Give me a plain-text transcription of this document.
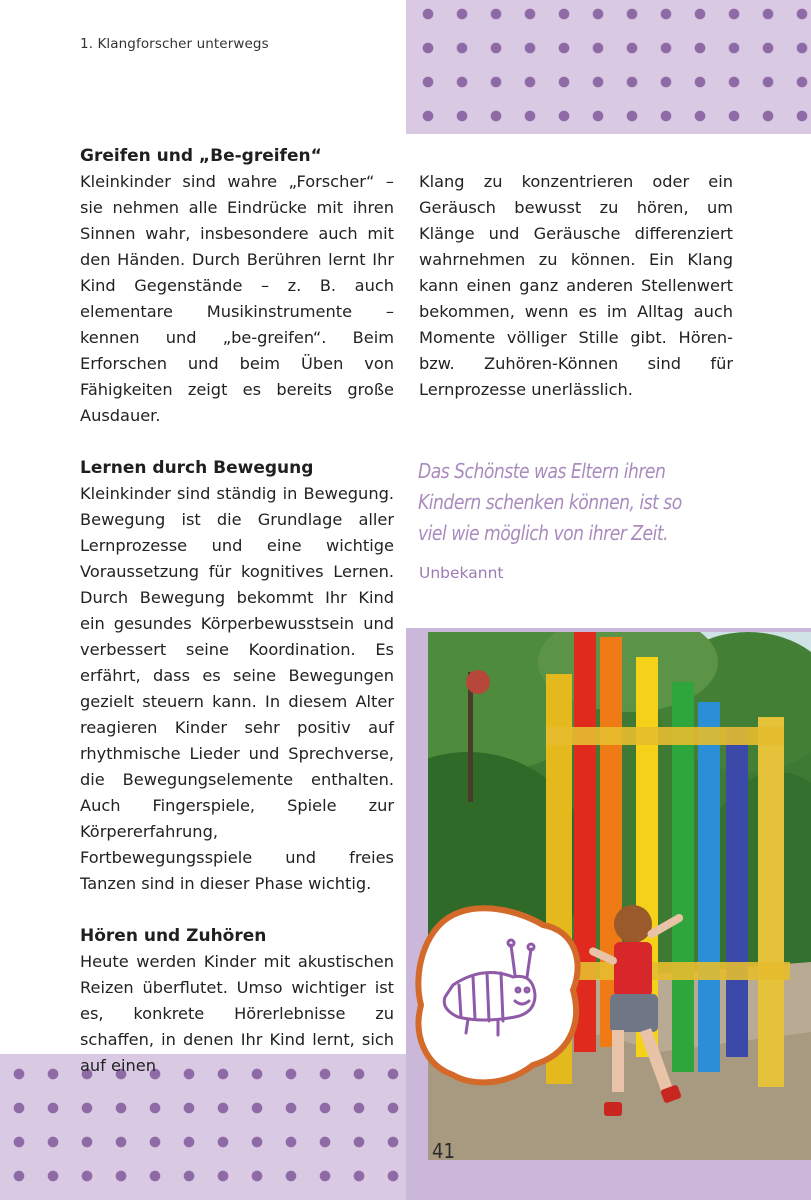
1. Klangforscher unterwegs
Greifen und „Be-greifen“

Kleinkinder sind wahre „Forscher“ – sie nehmen alle Eindrücke mit ihren Sinnen wahr, insbesondere auch mit den Händen. Durch Berühren lernt Ihr Kind Gegenstände – z. B. auch elementare Musikinstrumente – kennen und „be-greifen“. Beim Erforschen und beim Üben von Fähigkeiten zeigt es bereits große Ausdauer.

Lernen durch Bewegung

Kleinkinder sind ständig in Bewegung. Bewegung ist die Grundlage aller Lernprozesse und eine wichtige Voraussetzung für kognitives Lernen. Durch Bewegung bekommt Ihr Kind ein gesundes Körperbewusstsein und verbessert seine Koordination. Es erfährt, dass es seine Bewegungen gezielt steuern kann. In diesem Alter reagieren Kinder sehr positiv auf rhythmische Lieder und Sprechverse, die Bewegungselemente enthalten. Auch Fingerspiele, Spiele zur Körpererfahrung, Fortbewegungsspiele und freies Tanzen sind in dieser Phase wichtig.

Hören und Zuhören

Heute werden Kinder mit akustischen Reizen überflutet. Umso wichtiger ist es, konkrete Hörerlebnisse zu schaffen, in denen Ihr Kind lernt, sich auf einen

Klang zu konzentrieren oder ein Geräusch bewusst zu hören, um Klänge und Geräusche differenziert wahrnehmen zu können. Ein Klang kann einen ganz anderen Stellenwert bekommen, wenn es im Alltag auch Momente völliger Stille gibt. Hören- bzw. Zuhören-Können sind für Lernprozesse unerlässlich.

Das Schönste was Eltern ihren Kindern schenken können, ist so viel wie möglich von ihrer Zeit.
Unbekannt
41
